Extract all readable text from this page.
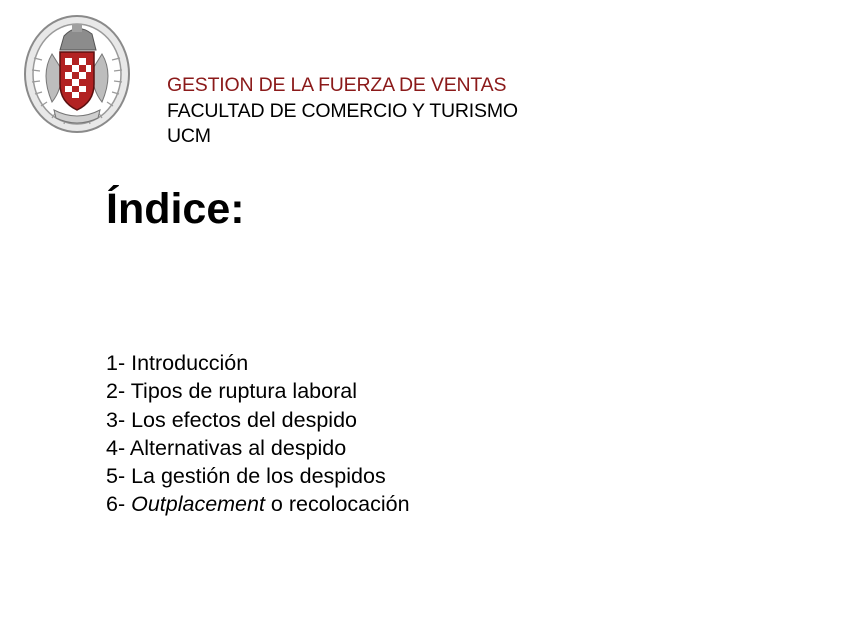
GESTION DE LA FUERZA DE VENTAS
FACULTAD DE COMERCIO Y TURISMO
UCM
Índice:
1- Introducción
2- Tipos de ruptura laboral
3- Los efectos del despido
4- Alternativas al despido
5- La gestión de los despidos
6- Outplacement o recolocación
